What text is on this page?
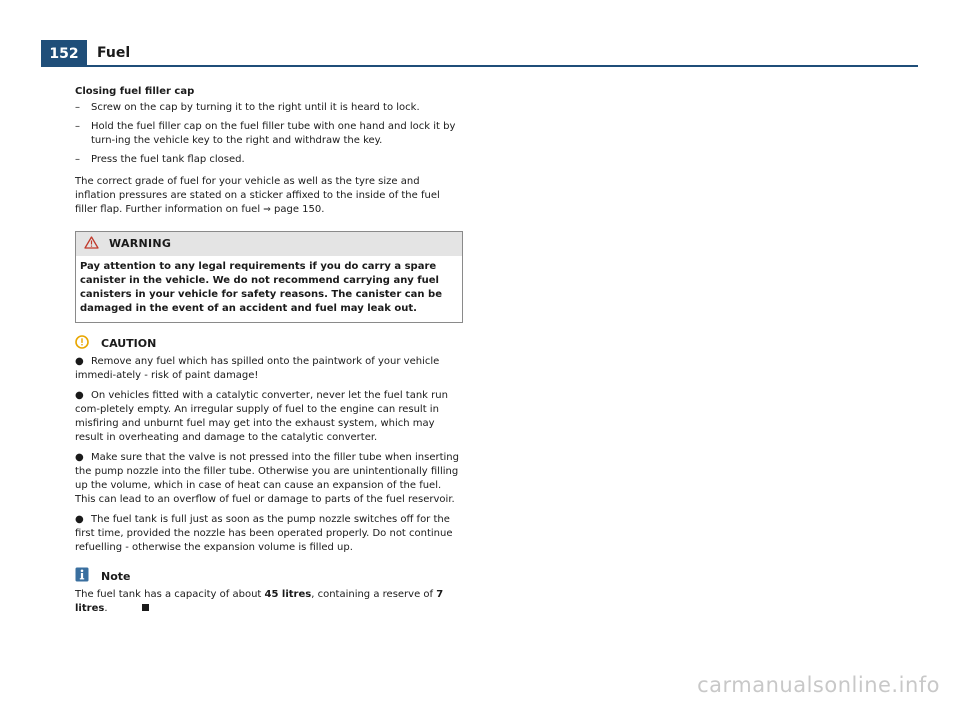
152	Fuel

Closing fuel filler cap

– Screw on the cap by turning it to the right until it is heard to lock.
– Hold the fuel filler cap on the fuel filler tube with one hand and lock it by turn-ing the vehicle key to the right and withdraw the key.
– Press the fuel tank flap closed.

The correct grade of fuel for your vehicle as well as the tyre size and inflation pressures are stated on a sticker affixed to the inside of the fuel filler flap. Further information on fuel ⇒ page 150.

WARNING
Pay attention to any legal requirements if you do carry a spare canister in the vehicle. We do not recommend carrying any fuel canisters in your vehicle for safety reasons. The canister can be damaged in the event of an accident and fuel may leak out.
CAUTION
● Remove any fuel which has spilled onto the paintwork of your vehicle immedi-ately - risk of paint damage!
● On vehicles fitted with a catalytic converter, never let the fuel tank run com-pletely empty. An irregular supply of fuel to the engine can result in misfiring and unburnt fuel may get into the exhaust system, which may result in overheating and damage to the catalytic converter.
● Make sure that the valve is not pressed into the filler tube when inserting the pump nozzle into the filler tube. Otherwise you are unintentionally filling up the volume, which in case of heat can cause an expansion of the fuel. This can lead to an overflow of fuel or damage to parts of the fuel reservoir.
● The fuel tank is full just as soon as the pump nozzle switches off for the first time, provided the nozzle has been operated properly. Do not continue refuelling - otherwise the expansion volume is filled up.
Note

The fuel tank has a capacity of about 45 litres, containing a reserve of 7 litres.

carmanualsonline.info
